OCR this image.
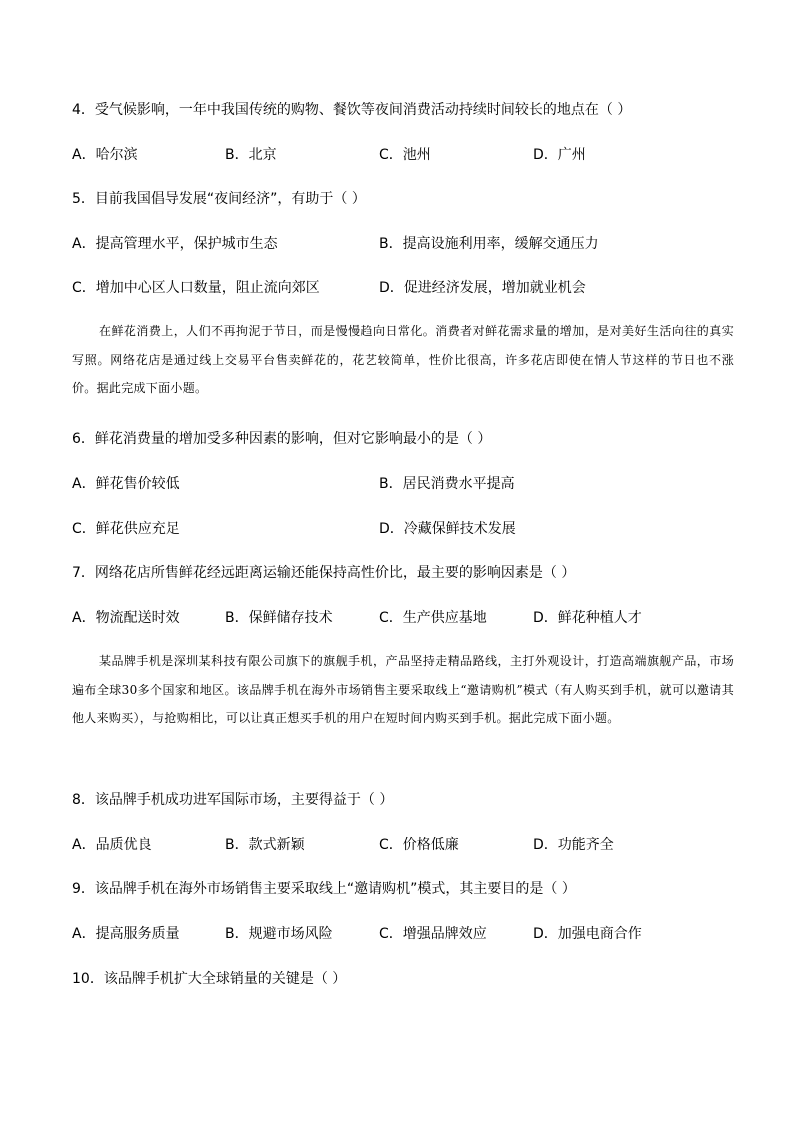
4．受气候影响，一年中我国传统的购物、餐饮等夜间消费活动持续时间较长的地点在（ ）
A．哈尔滨	B．北京	C．池州	D．广州
5．目前我国倡导发展“夜间经济”，有助于（ ）
A．提高管理水平，保护城市生态	B．提高设施利用率，缓解交通压力
C．增加中心区人口数量，阻止流向郊区	D．促进经济发展，增加就业机会
在鲜花消费上，人们不再拘泥于节日，而是慢慢趋向日常化。消费者对鲜花需求量的增加，是对美好生活向往的真实写照。网络花店是通过线上交易平台售卖鲜花的，花艺较简单，性价比很高，许多花店即使在情人节这样的节日也不涨价。据此完成下面小题。
6．鲜花消费量的增加受多种因素的影响，但对它影响最小的是（ ）
A．鲜花售价较低	B．居民消费水平提高
C．鲜花供应充足	D．冷藏保鲜技术发展
7．网络花店所售鲜花经远距离运输还能保持高性价比，最主要的影响因素是（ ）
A．物流配送时效	B．保鲜储存技术	C．生产供应基地	D．鲜花种植人才
某品牌手机是深圳某科技有限公司旗下的旗舰手机，产品坚持走精品路线，主打外观设计，打造高端旗舰产品，市场遍布全球30多个国家和地区。该品牌手机在海外市场销售主要采取线上“邀请购机”模式（有人购买到手机，就可以邀请其他人来购买），与抢购相比，可以让真正想买手机的用户在短时间内购买到手机。据此完成下面小题。
8．该品牌手机成功进军国际市场，主要得益于（ ）
A．品质优良	B．款式新颖	C．价格低廉	D．功能齐全
9．该品牌手机在海外市场销售主要采取线上“邀请购机”模式，其主要目的是（ ）
A．提高服务质量	B．规避市场风险	C．增强品牌效应	D．加强电商合作
10．该品牌手机扩大全球销量的关键是（ ）
